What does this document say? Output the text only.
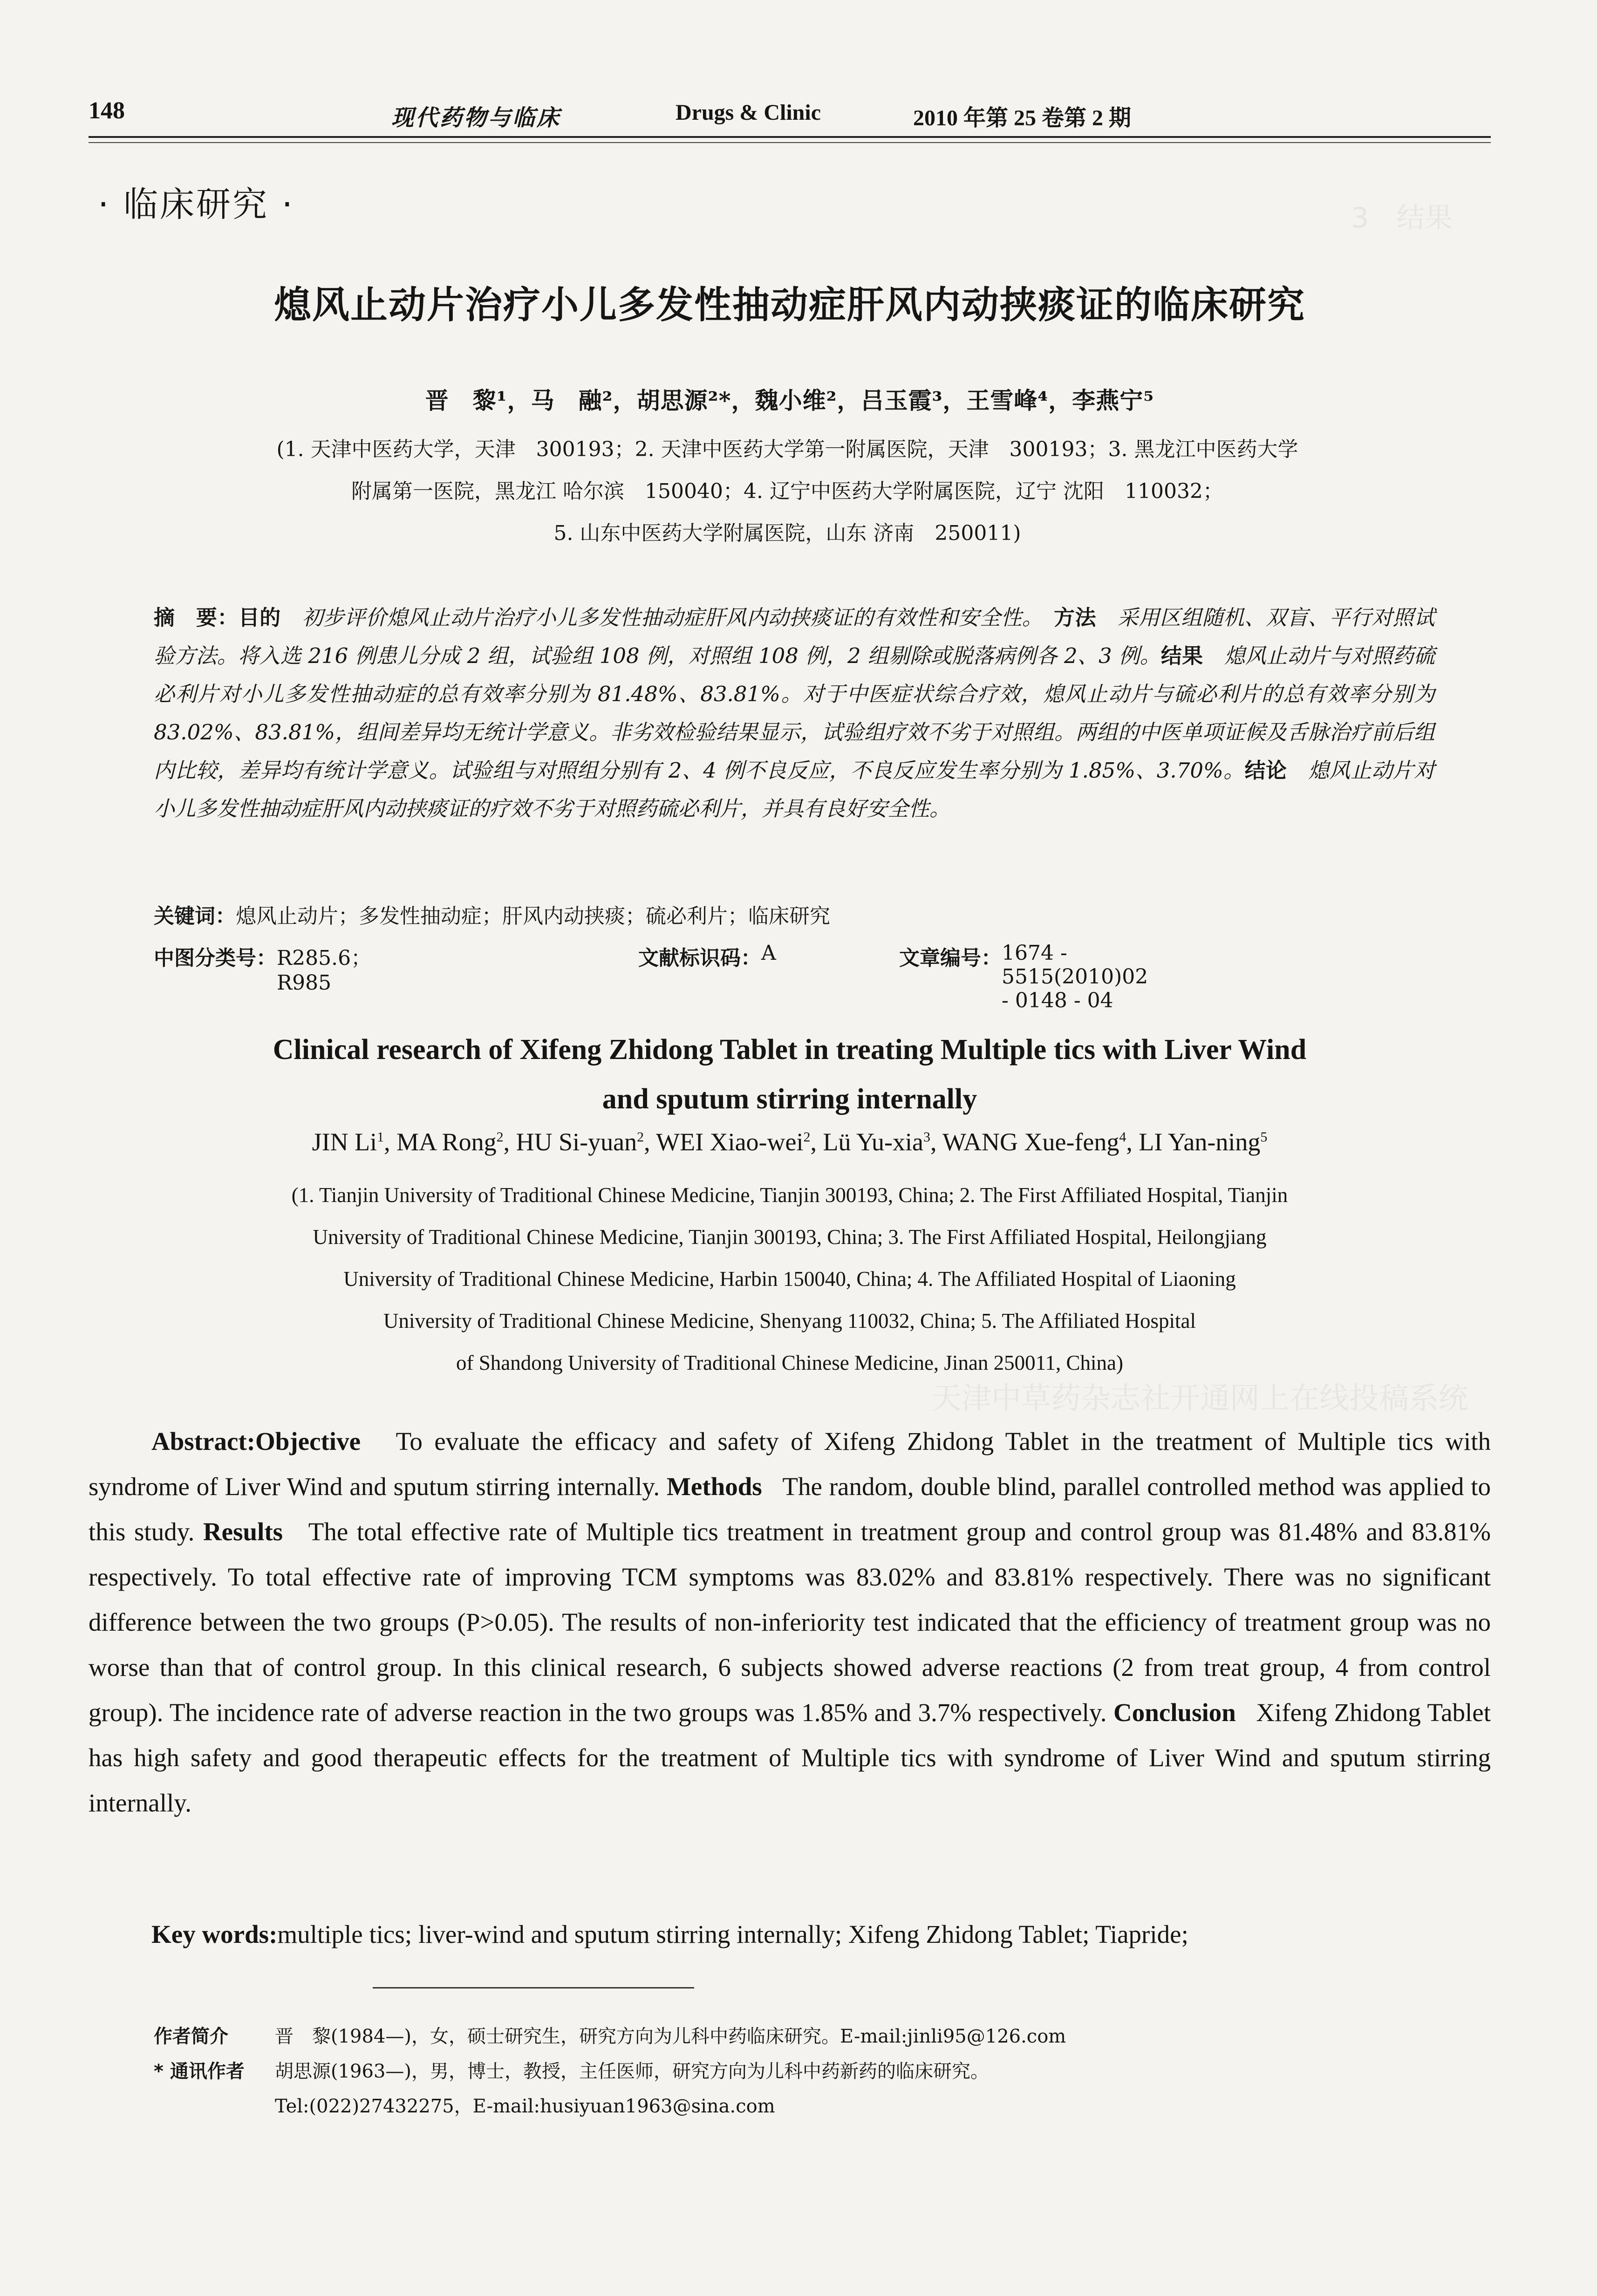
3　结果
天津中草药杂志社开通网上在线投稿系统
148	现代药物与临床	Drugs & Clinic	2010 年第 25 卷第 2 期
· 临床研究 ·
熄风止动片治疗小儿多发性抽动症肝风内动挟痰证的临床研究
晋　黎¹，马　融²，胡思源²*，魏小维²，吕玉霞³，王雪峰⁴，李燕宁⁵
(1. 天津中医药大学，天津　300193；2. 天津中医药大学第一附属医院，天津　300193；3. 黑龙江中医药大学
附属第一医院，黑龙江 哈尔滨　150040；4. 辽宁中医药大学附属医院，辽宁 沈阳　110032；
5. 山东中医药大学附属医院，山东 济南　250011)
摘　要：目的　 初步评价熄风止动片治疗小儿多发性抽动症肝风内动挟痰证的有效性和安全性。　 方法　 采用区组随机、双盲、平行对照试验方法。将入选 216 例患儿分成 2 组，试验组 108 例，对照组 108 例，2 组剔除或脱落病例各 2、3 例。结果　 熄风止动片与对照药硫必利片对小儿多发性抽动症的总有效率分别为 81.48%、83.81%。对于中医症状综合疗效，熄风止动片与硫必利片的总有效率分别为 83.02%、83.81%，组间差异均无统计学意义。非劣效检验结果显示，试验组疗效不劣于对照组。两组的中医单项证候及舌脉治疗前后组内比较，差异均有统计学意义。试验组与对照组分别有 2、4 例不良反应，不良反应发生率分别为 1.85%、3.70%。结论　 熄风止动片对小儿多发性抽动症肝风内动挟痰证的疗效不劣于对照药硫必利片，并具有良好安全性。
关键词：熄风止动片；多发性抽动症；肝风内动挟痰；硫必利片；临床研究
中图分类号： R285.6；R985
文献标识码： A	文章编号： 1674 - 5515(2010)02 - 0148 - 04
Clinical research of Xifeng Zhidong Tablet in treating Multiple tics with Liver Wind
and sputum stirring internally
JIN Li$^1$, MA Rong$^2$, HU Si-yuan$^2$, WEI Xiao-wei$^2$, Lü Yu-xia$^3$, WANG Xue-feng$^4$, LI Yan-ning$^5$
(1. Tianjin University of Traditional Chinese Medicine, Tianjin 300193, China; 2. The First Affiliated Hospital, Tianjin
University of Traditional Chinese Medicine, Tianjin 300193, China; 3. The First Affiliated Hospital, Heilongjiang
University of Traditional Chinese Medicine, Harbin 150040, China; 4. The Affiliated Hospital of Liaoning
University of Traditional Chinese Medicine, Shenyang 110032, China; 5. The Affiliated Hospital
of Shandong University of Traditional Chinese Medicine, Jinan 250011, China)
Abstract:Objective To evaluate the efficacy and safety of Xifeng Zhidong Tablet in the treatment of Multiple tics with syndrome of Liver Wind and sputum stirring internally. Methods The random, double blind, parallel controlled method was applied to this study. Results The total effective rate of Multiple tics treatment in treatment group and control group was 81.48% and 83.81% respectively. To total effective rate of improving TCM symptoms was 83.02% and 83.81% respectively. There was no significant difference between the two groups (P>0.05). The results of non-inferiority test indicated that the efficiency of treatment group was no worse than that of control group. In this clinical research, 6 subjects showed adverse reactions (2 from treat group, 4 from control group). The incidence rate of adverse reaction in the two groups was 1.85% and 3.7% respectively. Conclusion Xifeng Zhidong Tablet has high safety and good therapeutic effects for the treatment of Multiple tics with syndrome of Liver Wind and sputum stirring internally.
Key words:multiple tics; liver-wind and sputum stirring internally; Xifeng Zhidong Tablet; Tiapride;
作者简介	晋　黎(1984—)，女，硕士研究生，研究方向为儿科中药临床研究。E-mail:jinli95@126.com
* 通讯作者 胡思源(1963—)，男，博士，教授，主任医师，研究方向为儿科中药新药的临床研究。
Tel:(022)27432275，E-mail:husiyuan1963@sina.com
